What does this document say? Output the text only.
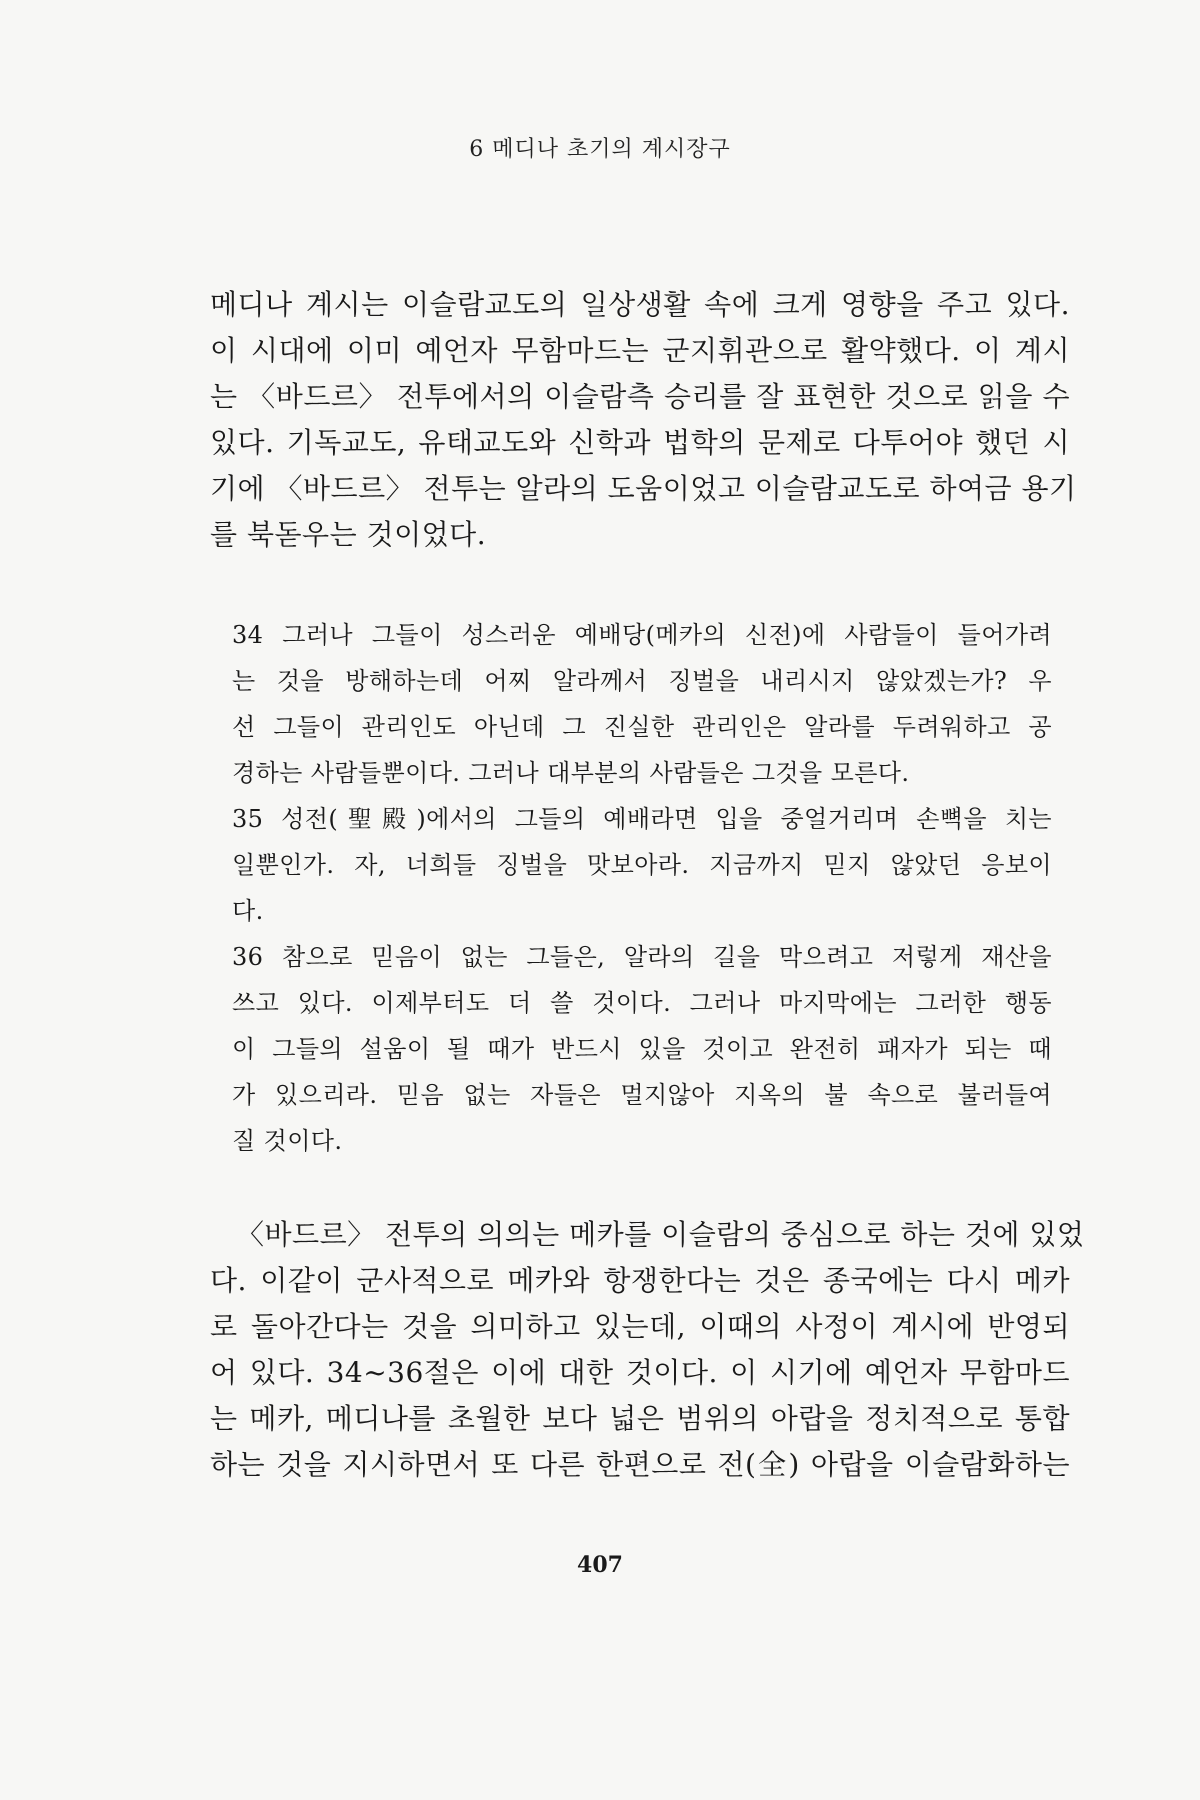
6 메디나 초기의 계시장구
메디나 계시는 이슬람교도의 일상생활 속에 크게 영향을 주고 있다.
이 시대에 이미 예언자 무함마드는 군지휘관으로 활약했다. 이 계시
는 〈바드르〉 전투에서의 이슬람측 승리를 잘 표현한 것으로 읽을 수
있다. 기독교도, 유태교도와 신학과 법학의 문제로 다투어야 했던 시
기에 〈바드르〉 전투는 알라의 도움이었고 이슬람교도로 하여금 용기
를 북돋우는 것이었다.
34 그러나 그들이 성스러운 예배당(메카의 신전)에 사람들이 들어가려
는 것을 방해하는데 어찌 알라께서 징벌을 내리시지 않았겠는가? 우
선 그들이 관리인도 아닌데 그 진실한 관리인은 알라를 두려워하고 공
경하는 사람들뿐이다. 그러나 대부분의 사람들은 그것을 모른다.
35 성전(聖殿)에서의 그들의 예배라면 입을 중얼거리며 손뼉을 치는
일뿐인가. 자, 너희들 징벌을 맛보아라. 지금까지 믿지 않았던 응보이
다.
36 참으로 믿음이 없는 그들은, 알라의 길을 막으려고 저렇게 재산을
쓰고 있다. 이제부터도 더 쓸 것이다. 그러나 마지막에는 그러한 행동
이 그들의 설움이 될 때가 반드시 있을 것이고 완전히 패자가 되는 때
가 있으리라. 믿음 없는 자들은 멀지않아 지옥의 불 속으로 불러들여
질 것이다.
〈바드르〉 전투의 의의는 메카를 이슬람의 중심으로 하는 것에 있었
다. 이같이 군사적으로 메카와 항쟁한다는 것은 종국에는 다시 메카
로 돌아간다는 것을 의미하고 있는데, 이때의 사정이 계시에 반영되
어 있다. 34~36절은 이에 대한 것이다. 이 시기에 예언자 무함마드
는 메카, 메디나를 초월한 보다 넓은 범위의 아랍을 정치적으로 통합
하는 것을 지시하면서 또 다른 한편으로 전(全) 아랍을 이슬람화하는
407
